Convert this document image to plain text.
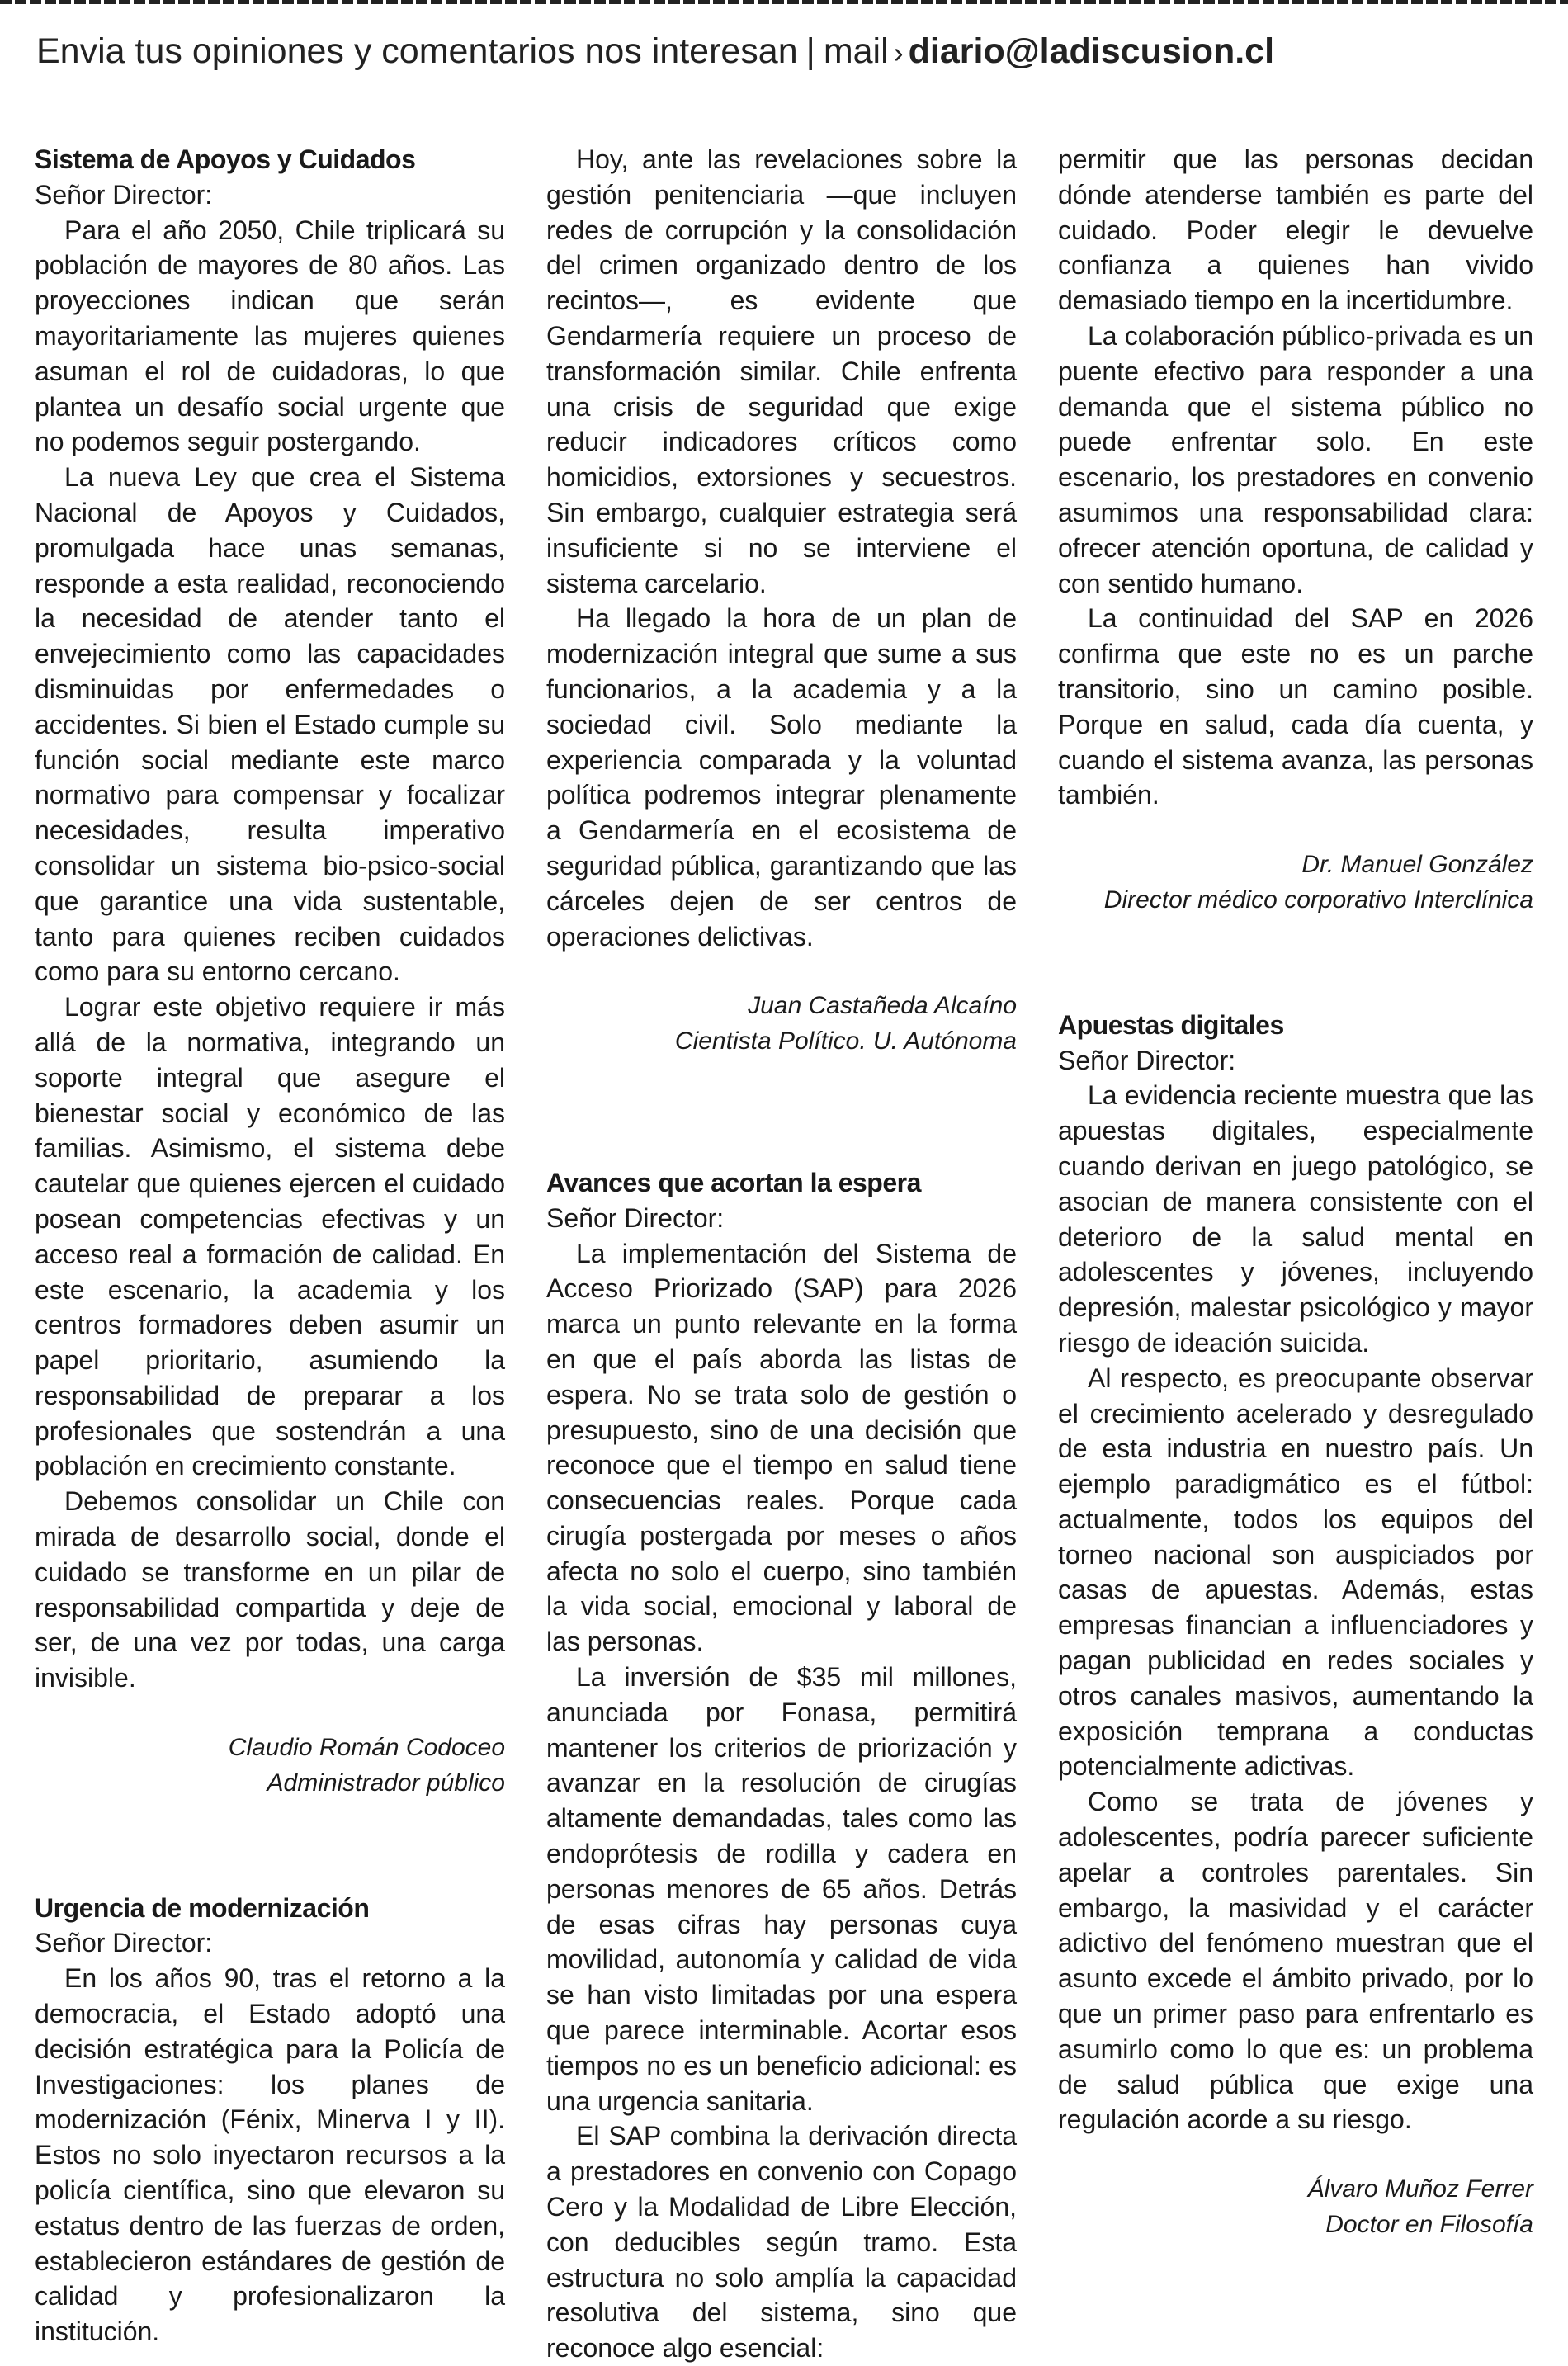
Envia tus opiniones y comentarios nos interesan | mail › diario@ladiscusion.cl
Sistema de Apoyos y Cuidados
Señor Director:

Para el año 2050, Chile triplicará su población de mayores de 80 años. Las proyecciones indican que serán mayoritariamente las mujeres quienes asuman el rol de cuidadoras, lo que plantea un desafío social urgente que no podemos seguir postergando.

La nueva Ley que crea el Sistema Nacional de Apoyos y Cuidados, promulgada hace unas semanas, responde a esta realidad, reconociendo la necesidad de atender tanto el envejecimiento como las capacidades disminuidas por enfermedades o accidentes. Si bien el Estado cumple su función social mediante este marco normativo para compensar y focalizar necesidades, resulta imperativo consolidar un sistema bio-psico-social que garantice una vida sustentable, tanto para quienes reciben cuidados como para su entorno cercano.

Lograr este objetivo requiere ir más allá de la normativa, integrando un soporte integral que asegure el bienestar social y económico de las familias. Asimismo, el sistema debe cautelar que quienes ejercen el cuidado posean competencias efectivas y un acceso real a formación de calidad. En este escenario, la academia y los centros formadores deben asumir un papel prioritario, asumiendo la responsabilidad de preparar a los profesionales que sostendrán a una población en crecimiento constante.

Debemos consolidar un Chile con mirada de desarrollo social, donde el cuidado se transforme en un pilar de responsabilidad compartida y deje de ser, de una vez por todas, una carga invisible.

Claudio Román Codoceo
Administrador público
Urgencia de modernización
Señor Director:

En los años 90, tras el retorno a la democracia, el Estado adoptó una decisión estratégica para la Policía de Investigaciones: los planes de modernización (Fénix, Minerva I y II). Estos no solo inyectaron recursos a la policía científica, sino que elevaron su estatus dentro de las fuerzas de orden, establecieron estándares de gestión de calidad y profesionalizaron la institución.

Hoy, ante las revelaciones sobre la gestión penitenciaria —que incluyen redes de corrupción y la consolidación del crimen organizado dentro de los recintos—, es evidente que Gendarmería requiere un proceso de transformación similar. Chile enfrenta una crisis de seguridad que exige reducir indicadores críticos como homicidios, extorsiones y secuestros. Sin embargo, cualquier estrategia será insuficiente si no se interviene el sistema carcelario.

Ha llegado la hora de un plan de modernización integral que sume a sus funcionarios, a la academia y a la sociedad civil. Solo mediante la experiencia comparada y la voluntad política podremos integrar plenamente a Gendarmería en el ecosistema de seguridad pública, garantizando que las cárceles dejen de ser centros de operaciones delictivas.

Juan Castañeda Alcaíno
Cientista Político. U. Autónoma
Avances que acortan la espera
Señor Director:

La implementación del Sistema de Acceso Priorizado (SAP) para 2026 marca un punto relevante en la forma en que el país aborda las listas de espera. No se trata solo de gestión o presupuesto, sino de una decisión que reconoce que el tiempo en salud tiene consecuencias reales. Porque cada cirugía postergada por meses o años afecta no solo el cuerpo, sino también la vida social, emocional y laboral de las personas.

La inversión de $35 mil millones, anunciada por Fonasa, permitirá mantener los criterios de priorización y avanzar en la resolución de cirugías altamente demandadas, tales como las endoprótesis de rodilla y cadera en personas menores de 65 años. Detrás de esas cifras hay personas cuya movilidad, autonomía y calidad de vida se han visto limitadas por una espera que parece interminable. Acortar esos tiempos no es un beneficio adicional: es una urgencia sanitaria.

El SAP combina la derivación directa a prestadores en convenio con Copago Cero y la Modalidad de Libre Elección, con deducibles según tramo. Esta estructura no solo amplía la capacidad resolutiva del sistema, sino que reconoce algo esencial:

permitir que las personas decidan dónde atenderse también es parte del cuidado. Poder elegir le devuelve confianza a quienes han vivido demasiado tiempo en la incertidumbre.

La colaboración público-privada es un puente efectivo para responder a una demanda que el sistema público no puede enfrentar solo. En este escenario, los prestadores en convenio asumimos una responsabilidad clara: ofrecer atención oportuna, de calidad y con sentido humano.

La continuidad del SAP en 2026 confirma que este no es un parche transitorio, sino un camino posible. Porque en salud, cada día cuenta, y cuando el sistema avanza, las personas también.

Dr. Manuel González
Director médico corporativo Interclínica
Apuestas digitales
Señor Director:

La evidencia reciente muestra que las apuestas digitales, especialmente cuando derivan en juego patológico, se asocian de manera consistente con el deterioro de la salud mental en adolescentes y jóvenes, incluyendo depresión, malestar psicológico y mayor riesgo de ideación suicida.

Al respecto, es preocupante observar el crecimiento acelerado y desregulado de esta industria en nuestro país. Un ejemplo paradigmático es el fútbol: actualmente, todos los equipos del torneo nacional son auspiciados por casas de apuestas. Además, estas empresas financian a influenciadores y pagan publicidad en redes sociales y otros canales masivos, aumentando la exposición temprana a conductas potencialmente adictivas.

Como se trata de jóvenes y adolescentes, podría parecer suficiente apelar a controles parentales. Sin embargo, la masividad y el carácter adictivo del fenómeno muestran que el asunto excede el ámbito privado, por lo que un primer paso para enfrentarlo es asumirlo como lo que es: un problema de salud pública que exige una regulación acorde a su riesgo.

Álvaro Muñoz Ferrer
Doctor en Filosofía
